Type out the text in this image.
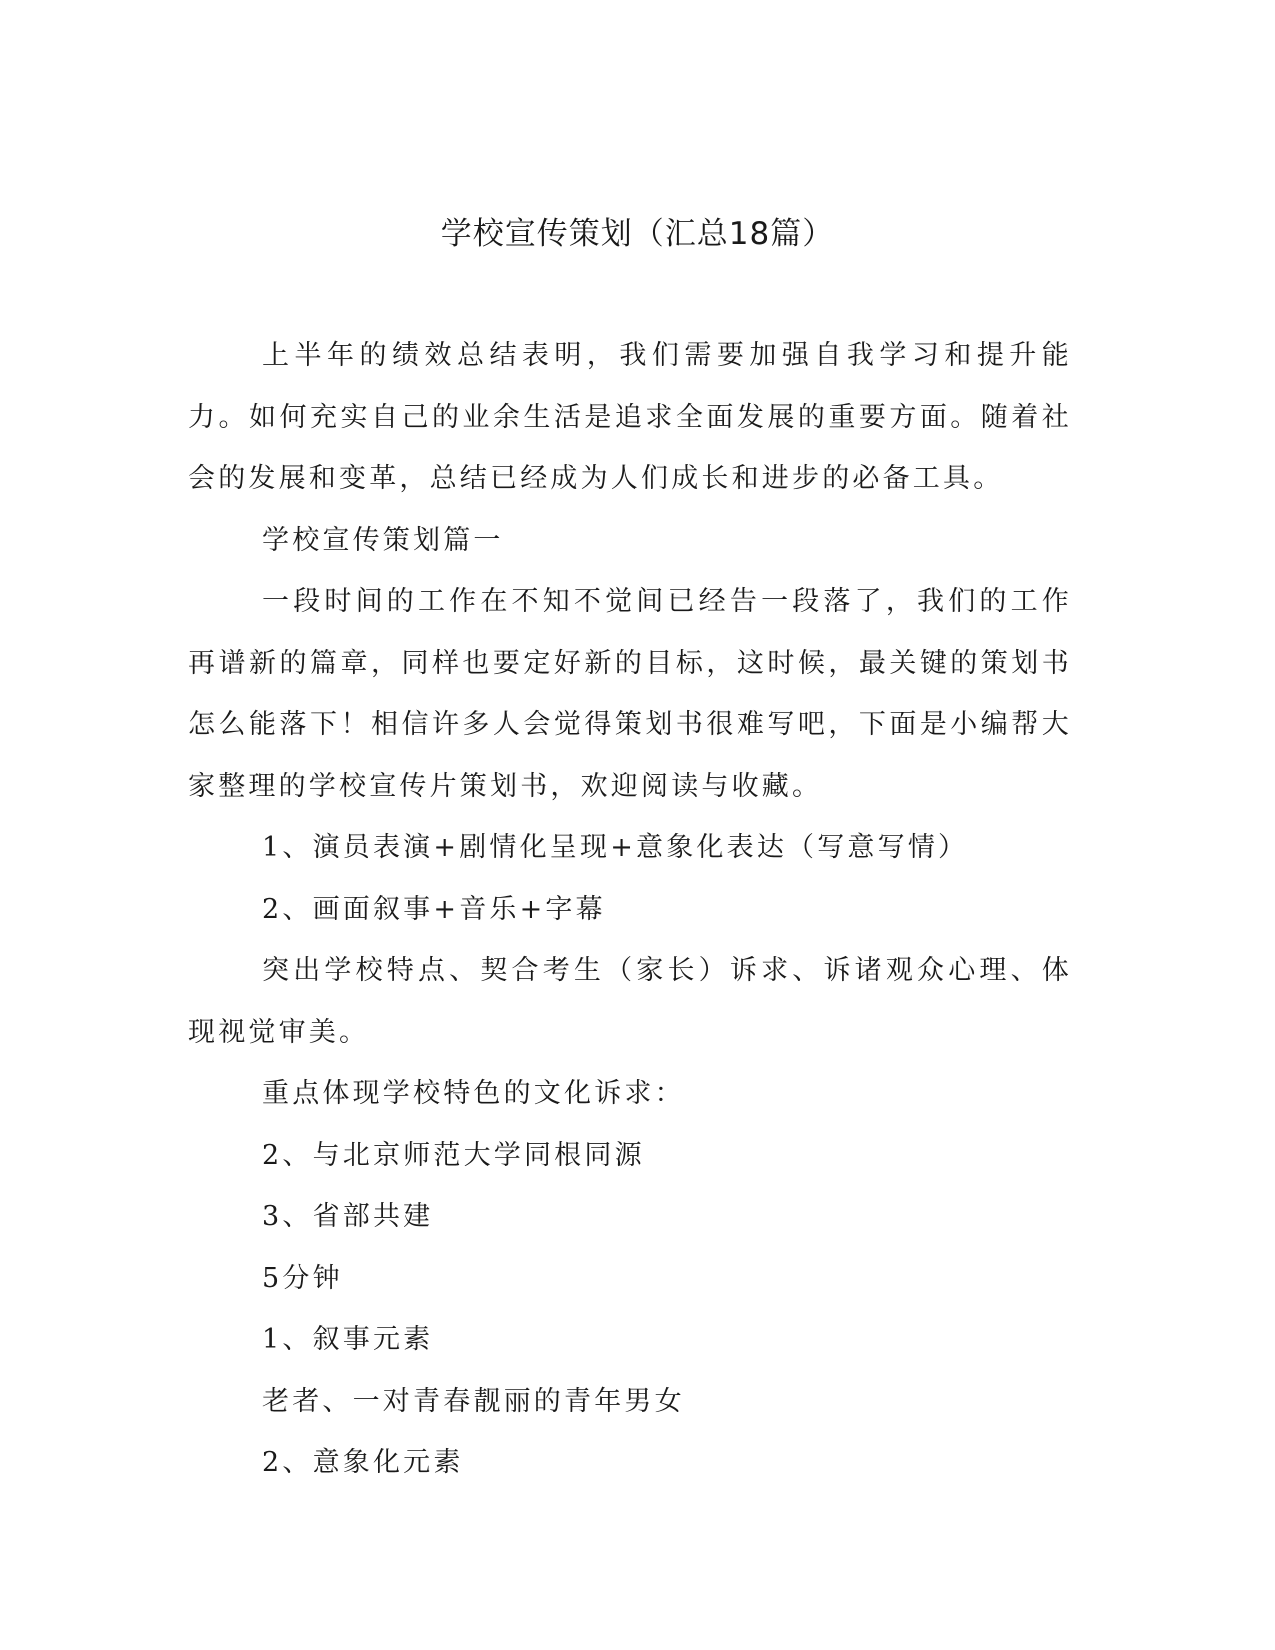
学校宣传策划（汇总18篇）

上半年的绩效总结表明，我们需要加强自我学习和提升能力。如何充实自己的业余生活是追求全面发展的重要方面。随着社会的发展和变革，总结已经成为人们成长和进步的必备工具。

学校宣传策划篇一

一段时间的工作在不知不觉间已经告一段落了，我们的工作再谱新的篇章，同样也要定好新的目标，这时候，最关键的策划书怎么能落下！相信许多人会觉得策划书很难写吧，下面是小编帮大家整理的学校宣传片策划书，欢迎阅读与收藏。

1、演员表演+剧情化呈现+意象化表达（写意写情）

2、画面叙事+音乐+字幕

突出学校特点、契合考生（家长）诉求、诉诸观众心理、体现视觉审美。

重点体现学校特色的文化诉求：

2、与北京师范大学同根同源

3、省部共建

5分钟

1、叙事元素

老者、一对青春靓丽的青年男女

2、意象化元素
